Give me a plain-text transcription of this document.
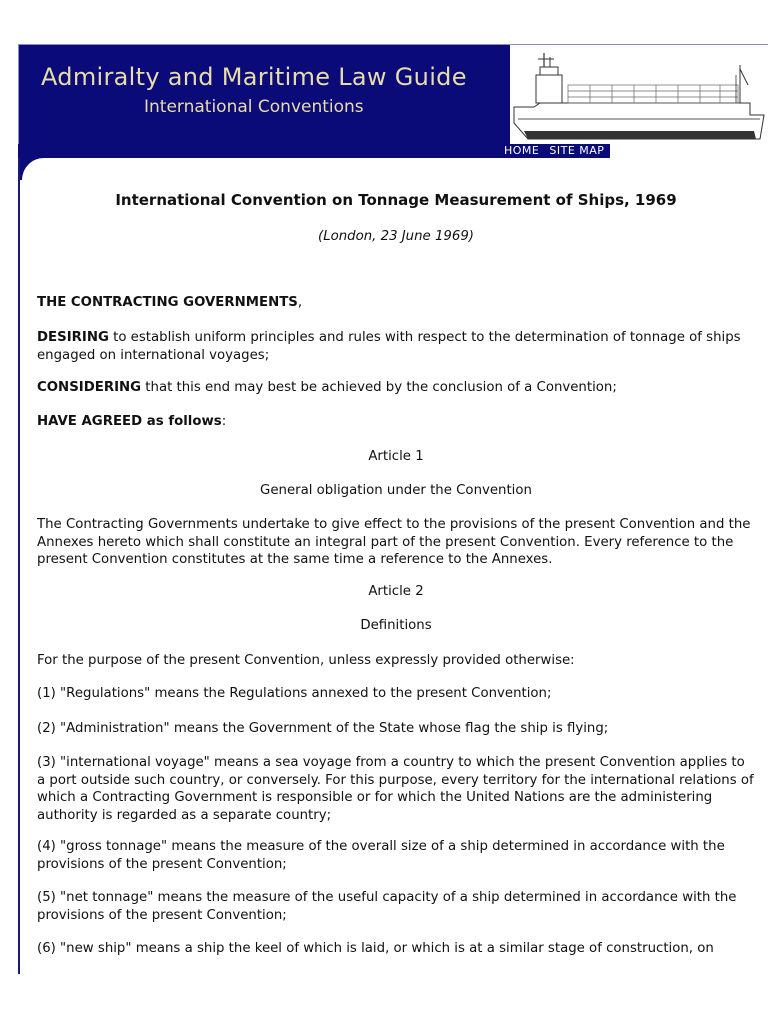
Admiralty and Maritime Law Guide
International Conventions
HOME SITE MAP
International Convention on Tonnage Measurement of Ships, 1969
(London, 23 June 1969)

THE CONTRACTING GOVERNMENTS,

DESIRING to establish uniform principles and rules with respect to the determination of tonnage of ships engaged on international voyages;

CONSIDERING that this end may best be achieved by the conclusion of a Convention;

HAVE AGREED as follows:

Article 1

General obligation under the Convention

The Contracting Governments undertake to give effect to the provisions of the present Convention and the Annexes hereto which shall constitute an integral part of the present Convention. Every reference to the present Convention constitutes at the same time a reference to the Annexes.

Article 2

Definitions

For the purpose of the present Convention, unless expressly provided otherwise:

(1) "Regulations" means the Regulations annexed to the present Convention;

(2) "Administration" means the Government of the State whose flag the ship is flying;

(3) "international voyage" means a sea voyage from a country to which the present Convention applies to a port outside such country, or conversely. For this purpose, every territory for the international relations of which a Contracting Government is responsible or for which the United Nations are the administering authority is regarded as a separate country;

(4) "gross tonnage" means the measure of the overall size of a ship determined in accordance with the provisions of the present Convention;

(5) "net tonnage" means the measure of the useful capacity of a ship determined in accordance with the provisions of the present Convention;

(6) "new ship" means a ship the keel of which is laid, or which is at a similar stage of construction, on
